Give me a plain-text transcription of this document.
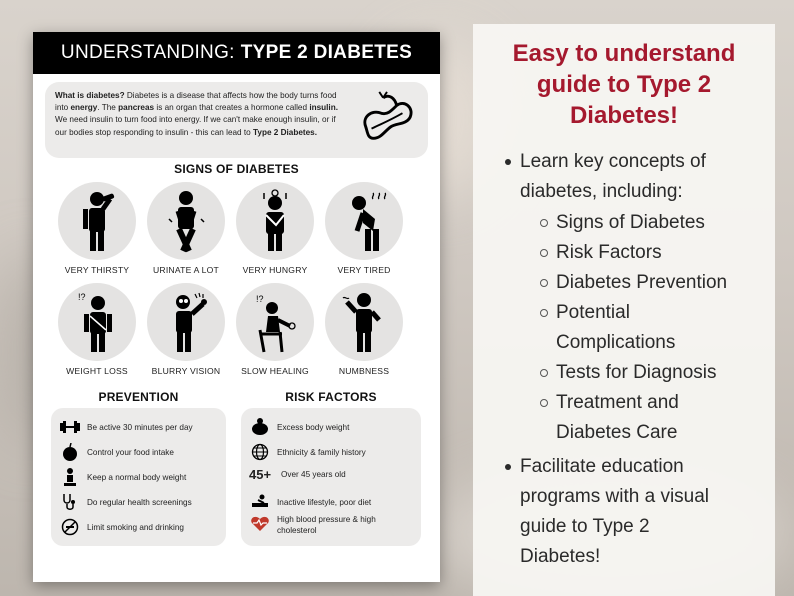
UNDERSTANDING: TYPE 2 DIABETES
What is diabetes? Diabetes is a disease that affects how the body turns food into energy. The pancreas is an organ that creates a hormone called insulin. We need insulin to turn food into energy. If we can't make enough insulin, or if our bodies stop responding to insulin - this can lead to Type 2 Diabetes.
SIGNS OF DIABETES
VERY THIRSTY	URINATE A LOT	VERY HUNGRY	VERY TIRED
!?
WEIGHT LOSS	BLURRY VISION
!?
SLOW HEALING	NUMBNESS
PREVENTION
Be active 30 minutes per day
Control your food intake
Keep a normal body weight
Do regular health screenings
Limit smoking and drinking
RISK FACTORS
Excess body weight
Ethnicity & family history
45+	Over 45 years old
Inactive lifestyle, poor diet
High blood pressure & high
cholesterol
Easy to understand
guide to Type 2
Diabetes!
Learn key concepts of
diabetes, including:
Signs of Diabetes
Risk Factors
Diabetes Prevention
Potential
Complications
Tests for Diagnosis
Treatment and
Diabetes Care
Facilitate education
programs with a visual
guide to Type 2
Diabetes!
